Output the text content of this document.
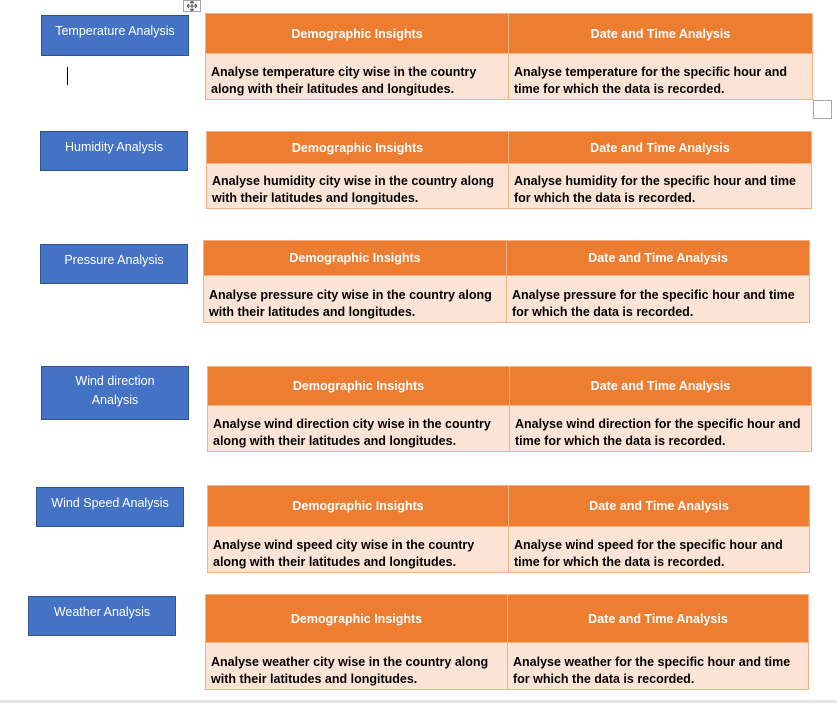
Temperature Analysis	Demographic Insights	Date and Time Analysis
Analyse temperature city wise in the country along with their latitudes and longitudes.	Analyse temperature for the specific hour and time for which the data is recorded.
Humidity Analysis	Demographic Insights	Date and Time Analysis
Analyse humidity city wise in the country along with their latitudes and longitudes.	Analyse humidity for the specific hour and time for which the data is recorded.
Pressure Analysis	Demographic Insights	Date and Time Analysis
Analyse pressure city wise in the country along with their latitudes and longitudes.	Analyse pressure for the specific hour and time for which the data is recorded.
Wind direction Analysis
Demographic Insights	Date and Time Analysis
Analyse wind direction city wise in the country along with their latitudes and longitudes.	Analyse wind direction for the specific hour and time for which the data is recorded.
Wind Speed Analysis	Demographic Insights	Date and Time Analysis
Analyse wind speed city wise in the country along with their latitudes and longitudes.	Analyse wind speed for the specific hour and time for which the data is recorded.
Weather Analysis	Demographic Insights	Date and Time Analysis
Analyse weather city wise in the country along with their latitudes and longitudes.	Analyse weather for the specific hour and time for which the data is recorded.
